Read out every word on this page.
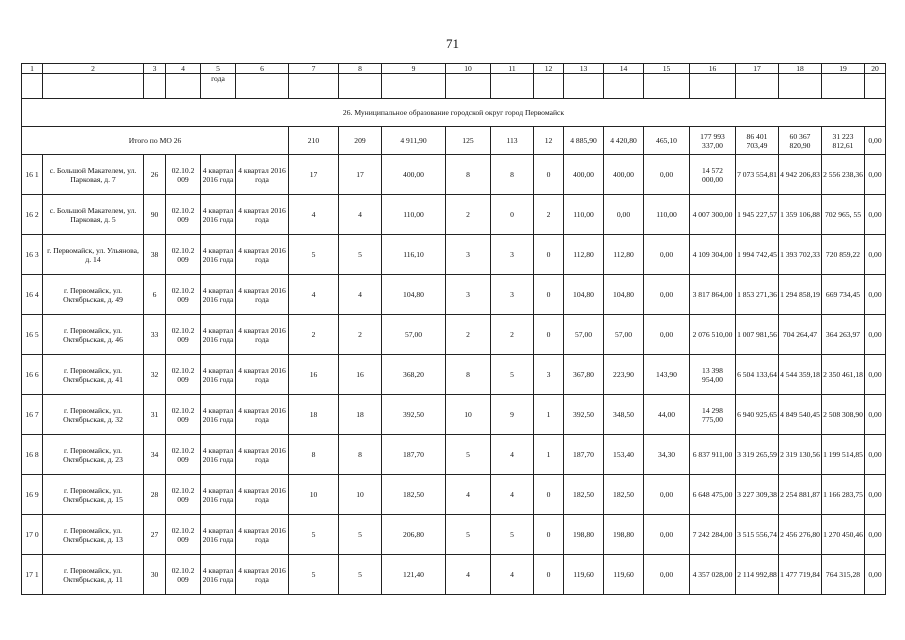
71
1	2	3	4	5	6	7	8	9	10	11	12	13	14	15	16	17	18	19	20
				года															
26. Муниципальное образование городской округ город Первомайск																			
Итого по МО 26						210	209	4 911,90	125	113	12	4 885,90	4 420,80	465,10	177 993 337,00	86 401 703,49	60 367 820,90	31 223 812,61	0,00
16 1	с. Большой Макателем, ул. Парковая, д. 7	26	02.10.2 009	4 квартал 2016 года	4 квартал 2016 года	17	17	400,00	8	8	0	400,00	400,00	0,00	14 572 000,00	7 073 554,81	4 942 206,83	2 556 238,36	0,00
16 2	с. Большой Макателем, ул. Парковая, д. 5	90	02.10.2 009	4 квартал 2016 года	4 квартал 2016 года	4	4	110,00	2	0	2	110,00	0,00	110,00	4 007 300,00	1 945 227,57	1 359 106,88	702 965, 55	0,00
16 3	г. Первомайск, ул. Ульянова, д. 14	38	02.10.2 009	4 квартал 2016 года	4 квартал 2016 года	5	5	116,10	3	3	0	112,80	112,80	0,00	4 109 304,00	1 994 742,45	1 393 702,33	720 859,22	0,00
16 4	г. Первомайск, ул. Октябрьская, д. 49	6	02.10.2 009	4 квартал 2016 года	4 квартал 2016 года	4	4	104,80	3	3	0	104,80	104,80	0,00	3 817 864,00	1 853 271,36	1 294 858,19	669 734,45	0,00
16 5	г. Первомайск, ул. Октябрьская, д. 46	33	02.10.2 009	4 квартал 2016 года	4 квартал 2016 года	2	2	57,00	2	2	0	57,00	57,00	0,00	2 076 510,00	1 007 981,56	704 264,47	364 263,97	0,00
16 6	г. Первомайск, ул. Октябрьская, д. 41	32	02.10.2 009	4 квартал 2016 года	4 квартал 2016 года	16	16	368,20	8	5	3	367,80	223,90	143,90	13 398 954,00	6 504 133,64	4 544 359,18	2 350 461,18	0,00
16 7	г. Первомайск, ул. Октябрьская, д. 32	31	02.10.2 009	4 квартал 2016 года	4 квартал 2016 года	18	18	392,50	10	9	1	392,50	348,50	44,00	14 298 775,00	6 940 925,65	4 849 540,45	2 508 308,90	0,00
16 8	г. Первомайск, ул. Октябрьская, д. 23	34	02.10.2 009	4 квартал 2016 года	4 квартал 2016 года	8	8	187,70	5	4	1	187,70	153,40	34,30	6 837 911,00	3 319 265,59	2 319 130,56	1 199 514,85	0,00
16 9	г. Первомайск, ул. Октябрьская, д. 15	28	02.10.2 009	4 квартал 2016 года	4 квартал 2016 года	10	10	182,50	4	4	0	182,50	182,50	0,00	6 648 475,00	3 227 309,38	2 254 881,87	1 166 283,75	0,00
17 0	г. Первомайск, ул. Октябрьская, д. 13	27	02.10.2 009	4 квартал 2016 года	4 квартал 2016 года	5	5	206,80	5	5	0	198,80	198,80	0,00	7 242 284,00	3 515 556,74	2 456 276,80	1 270 450,46	0,00
17 1	г. Первомайск, ул. Октябрьская, д. 11	30	02.10.2 009	4 квартал 2016 года	4 квартал 2016 года	5	5	121,40	4	4	0	119,60	119,60	0,00	4 357 028,00	2 114 992,88	1 477 719,84	764 315,28	0,00
